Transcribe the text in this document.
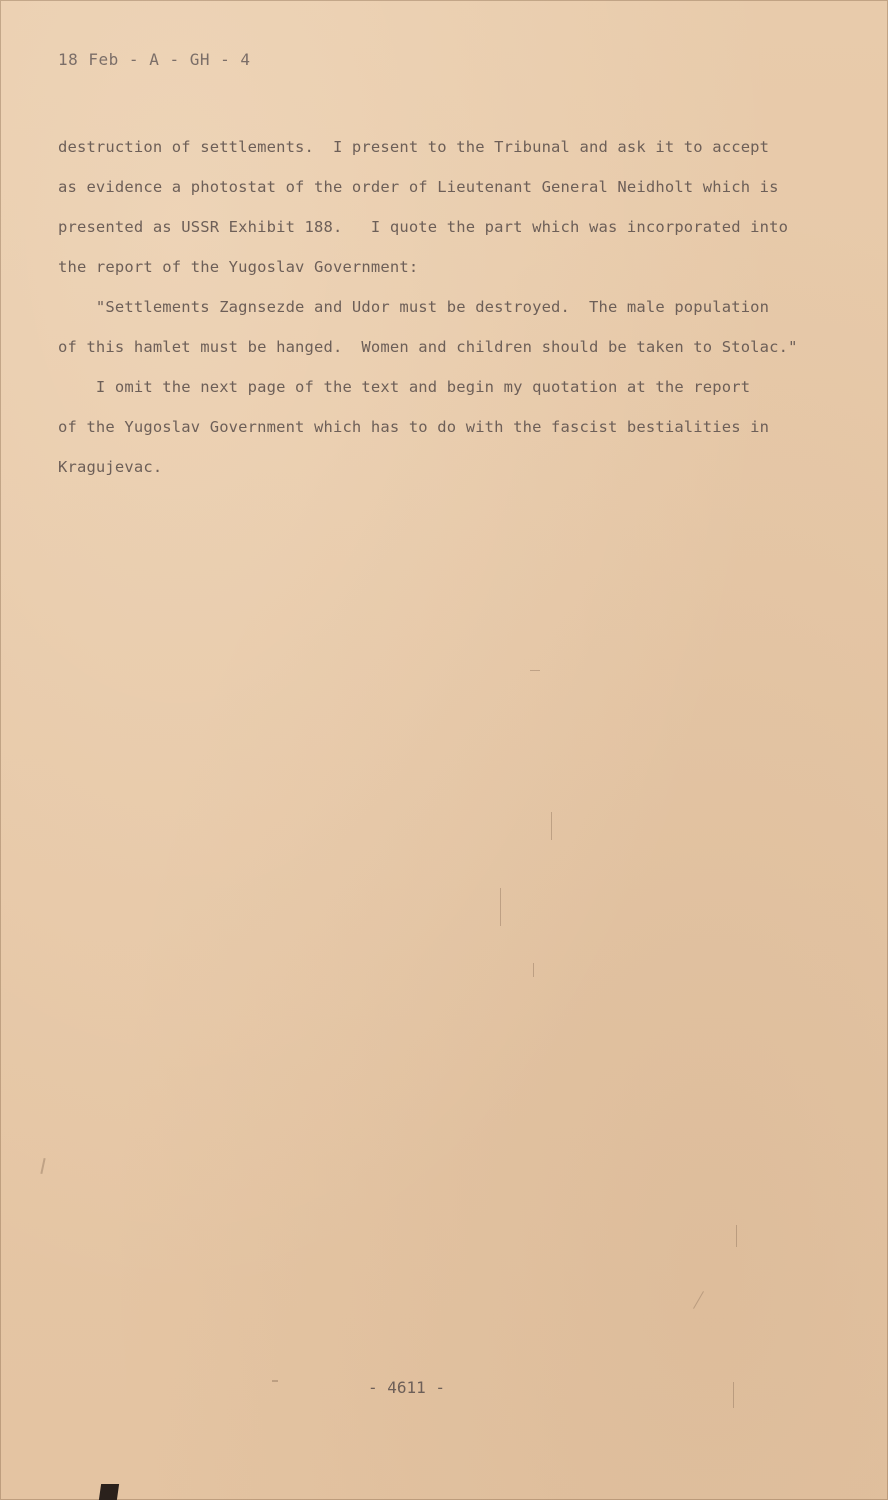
18 Feb - A - GH - 4
destruction of settlements.  I present to the Tribunal and ask it to accept
as evidence a photostat of the order of Lieutenant General Neidholt which is
presented as USSR Exhibit 188.   I quote the part which was incorporated into
the report of the Yugoslav Government:
"Settlements Zagnsezde and Udor must be destroyed.  The male population
of this hamlet must be hanged.  Women and children should be taken to Stolac."
I omit the next page of the text and begin my quotation at the report
of the Yugoslav Government which has to do with the fascist bestialities in
Kragujevac.
- 4611 -
